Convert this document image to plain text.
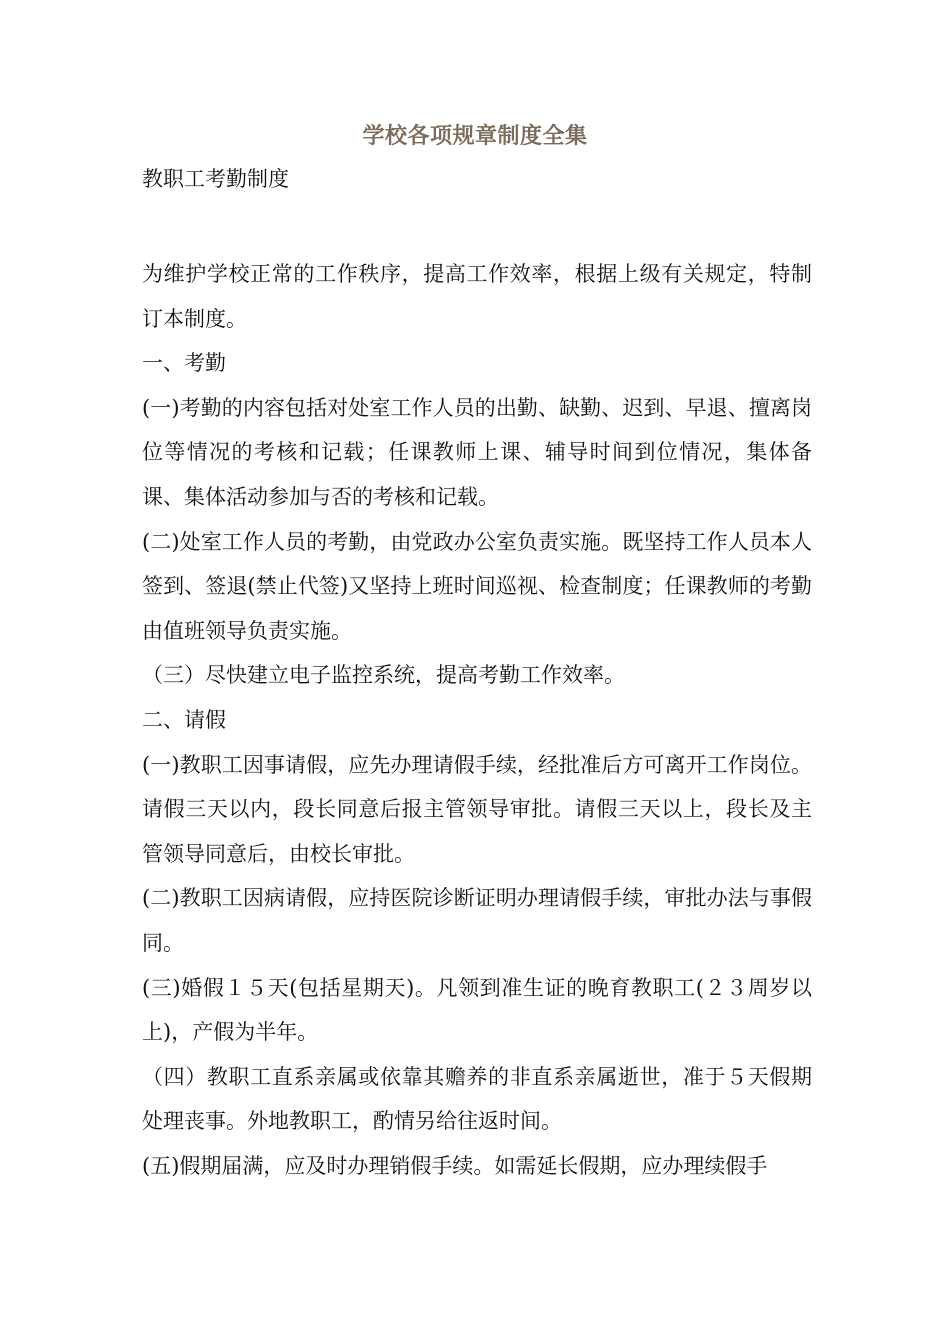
学校各项规章制度全集
教职工考勤制度

为维护学校正常的工作秩序，提高工作效率，根据上级有关规定，特制订本制度。

一、考勤

(一)考勤的内容包括对处室工作人员的出勤、缺勤、迟到、早退、擅离岗位等情况的考核和记载；任课教师上课、辅导时间到位情况，集体备课、集体活动参加与否的考核和记载。

(二)处室工作人员的考勤，由党政办公室负责实施。既坚持工作人员本人签到、签退(禁止代签)又坚持上班时间巡视、检查制度；任课教师的考勤由值班领导负责实施。

（三）尽快建立电子监控系统，提高考勤工作效率。

二、请假

(一)教职工因事请假，应先办理请假手续，经批准后方可离开工作岗位。请假三天以内，段长同意后报主管领导审批。请假三天以上，段长及主管领导同意后，由校长审批。

(二)教职工因病请假，应持医院诊断证明办理请假手续，审批办法与事假同。

(三)婚假１５天(包括星期天)。凡领到准生证的晚育教职工(２３周岁以上)，产假为半年。

（四）教职工直系亲属或依靠其赡养的非直系亲属逝世，准于５天假期处理丧事。外地教职工，酌情另给往返时间。

(五)假期届满，应及时办理销假手续。如需延长假期，应办理续假手
